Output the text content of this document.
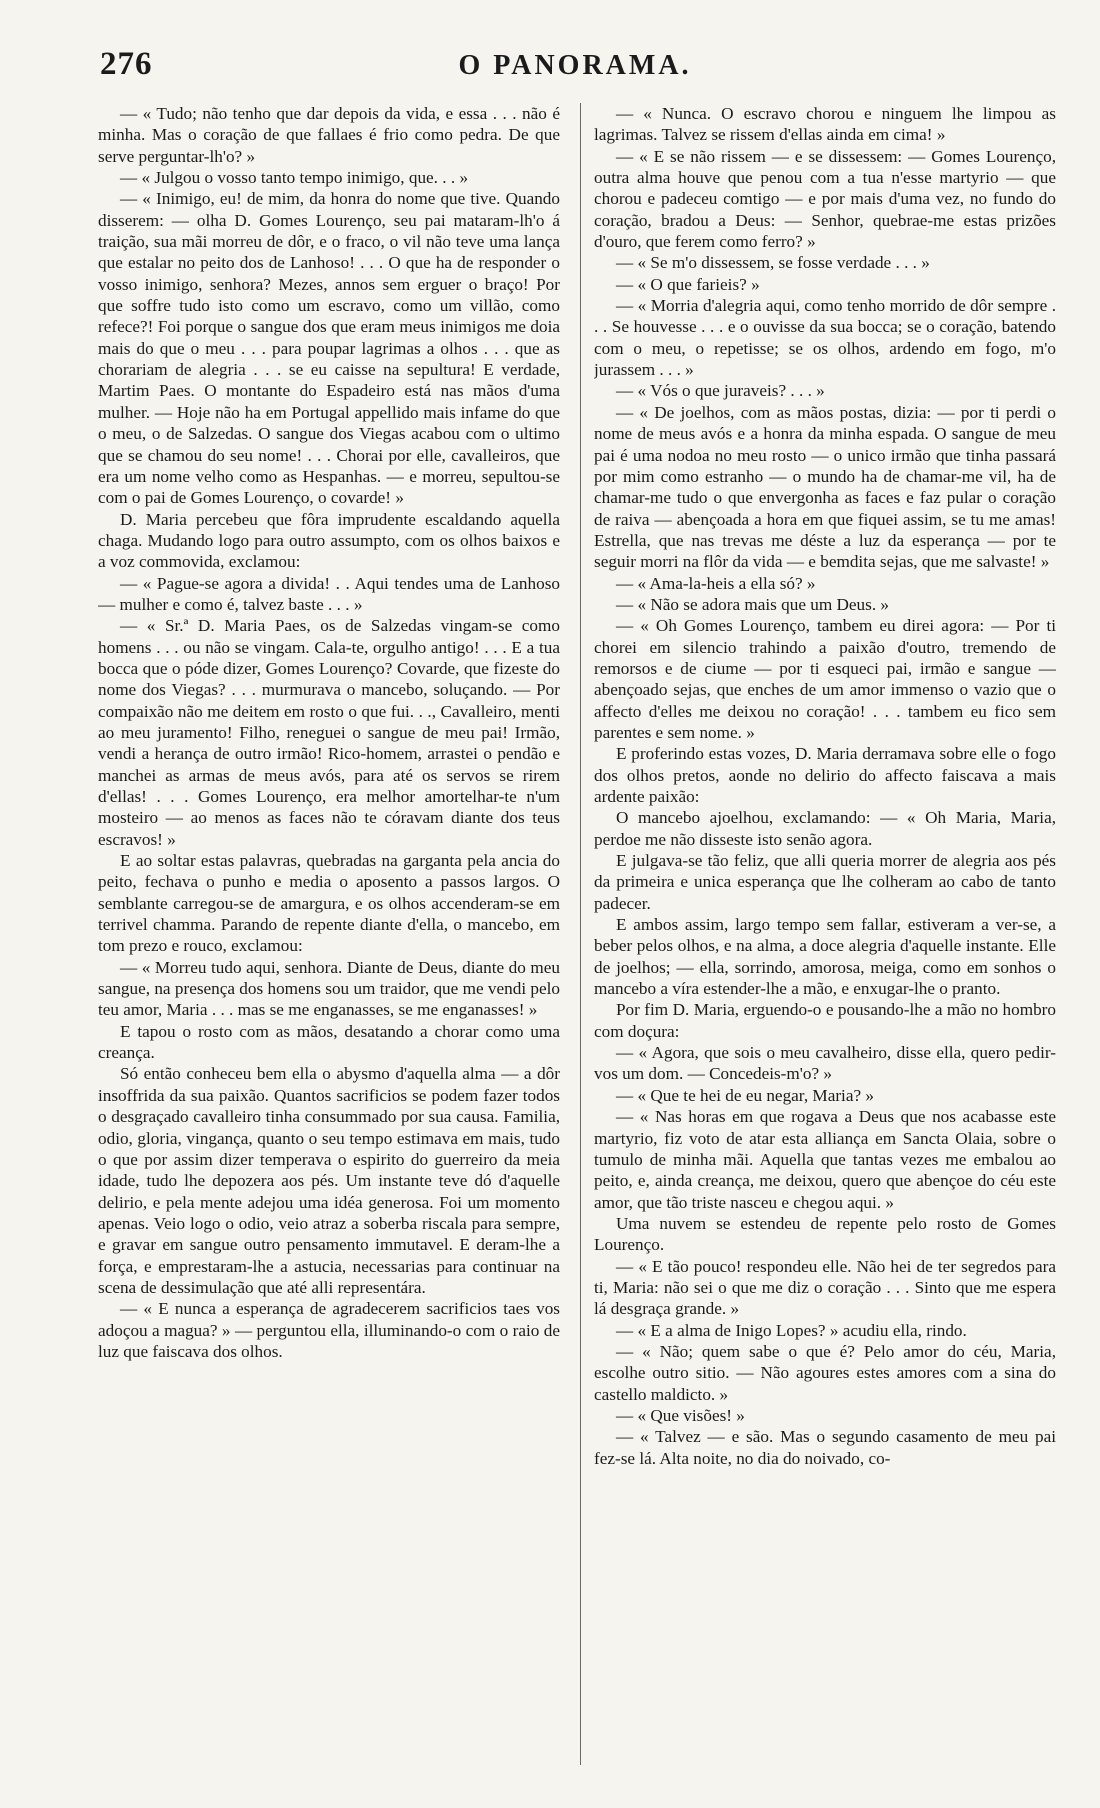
276	O PANORAMA.

— « Tudo; não tenho que dar depois da vida, e essa . . . não é minha. Mas o coração de que fallaes é frio como pedra. De que serve perguntar-lh'o? »

— « Julgou o vosso tanto tempo inimigo, que. . . »

— « Inimigo, eu! de mim, da honra do nome que tive. Quando disserem: — olha D. Gomes Lourenço, seu pai mataram-lh'o á traição, sua mãi morreu de dôr, e o fraco, o vil não teve uma lança que estalar no peito dos de Lanhoso! . . . O que ha de responder o vosso inimigo, senhora? Mezes, annos sem erguer o braço! Por que soffre tudo isto como um escravo, como um villão, como refece?! Foi porque o sangue dos que eram meus inimigos me doia mais do que o meu . . . para poupar lagrimas a olhos . . . que as chorariam de alegria . . . se eu caisse na sepultura! E verdade, Martim Paes. O montante do Espadeiro está nas mãos d'uma mulher. — Hoje não ha em Portugal appellido mais infame do que o meu, o de Salzedas. O sangue dos Viegas acabou com o ultimo que se chamou do seu nome! . . . Chorai por elle, cavalleiros, que era um nome velho como as Hespanhas. — e morreu, sepultou-se com o pai de Gomes Lourenço, o covarde! »

D. Maria percebeu que fôra imprudente escaldando aquella chaga. Mudando logo para outro assumpto, com os olhos baixos e a voz commovida, exclamou:

— « Pague-se agora a divida! . . Aqui tendes uma de Lanhoso — mulher e como é, talvez baste . . . »

— « Sr.ª D. Maria Paes, os de Salzedas vingam-se como homens . . . ou não se vingam. Cala-te, orgulho antigo! . . . E a tua bocca que o póde dizer, Gomes Lourenço? Covarde, que fizeste do nome dos Viegas? . . . murmurava o mancebo, soluçando. — Por compaixão não me deitem em rosto o que fui. . ., Cavalleiro, menti ao meu juramento! Filho, reneguei o sangue de meu pai! Irmão, vendi a herança de outro irmão! Rico-homem, arrastei o pendão e manchei as armas de meus avós, para até os servos se rirem d'ellas! . . . Gomes Lourenço, era melhor amortelhar-te n'um mosteiro — ao menos as faces não te córavam diante dos teus escravos! »

E ao soltar estas palavras, quebradas na garganta pela ancia do peito, fechava o punho e media o aposento a passos largos. O semblante carregou-se de amargura, e os olhos accenderam-se em terrivel chamma. Parando de repente diante d'ella, o mancebo, em tom prezo e rouco, exclamou:

— « Morreu tudo aqui, senhora. Diante de Deus, diante do meu sangue, na presença dos homens sou um traidor, que me vendi pelo teu amor, Maria . . . mas se me enganasses, se me enganasses! »

E tapou o rosto com as mãos, desatando a chorar como uma creança.

Só então conheceu bem ella o abysmo d'aquella alma — a dôr insoffrida da sua paixão. Quantos sacrificios se podem fazer todos o desgraçado cavalleiro tinha consummado por sua causa. Familia, odio, gloria, vingança, quanto o seu tempo estimava em mais, tudo o que por assim dizer temperava o espirito do guerreiro da meia idade, tudo lhe depozera aos pés. Um instante teve dó d'aquelle delirio, e pela mente adejou uma idéa generosa. Foi um momento apenas. Veio logo o odio, veio atraz a soberba riscala para sempre, e gravar em sangue outro pensamento immutavel. E deram-lhe a força, e emprestaram-lhe a astucia, necessarias para continuar na scena de dessimulação que até alli representára.

— « E nunca a esperança de agradecerem sacrificios taes vos adoçou a magua? » — perguntou ella, illuminando-o com o raio de luz que faiscava dos olhos.

— « Nunca. O escravo chorou e ninguem lhe limpou as lagrimas. Talvez se rissem d'ellas ainda em cima! »

— « E se não rissem — e se dissessem: — Gomes Lourenço, outra alma houve que penou com a tua n'esse martyrio — que chorou e padeceu comtigo — e por mais d'uma vez, no fundo do coração, bradou a Deus: — Senhor, quebrae-me estas prizões d'ouro, que ferem como ferro? »

— « Se m'o dissessem, se fosse verdade . . . »

— « O que farieis? »

— « Morria d'alegria aqui, como tenho morrido de dôr sempre . . . Se houvesse . . . e o ouvisse da sua bocca; se o coração, batendo com o meu, o repetisse; se os olhos, ardendo em fogo, m'o jurassem . . . »

— « Vós o que juraveis? . . . »

— « De joelhos, com as mãos postas, dizia: — por ti perdi o nome de meus avós e a honra da minha espada. O sangue de meu pai é uma nodoa no meu rosto — o unico irmão que tinha passará por mim como estranho — o mundo ha de chamar-me vil, ha de chamar-me tudo o que envergonha as faces e faz pular o coração de raiva — abençoada a hora em que fiquei assim, se tu me amas! Estrella, que nas trevas me déste a luz da esperança — por te seguir morri na flôr da vida — e bemdita sejas, que me salvaste! »

— « Ama-la-heis a ella só? »

— « Não se adora mais que um Deus. »

— « Oh Gomes Lourenço, tambem eu direi agora: — Por ti chorei em silencio trahindo a paixão d'outro, tremendo de remorsos e de ciume — por ti esqueci pai, irmão e sangue — abençoado sejas, que enches de um amor immenso o vazio que o affecto d'elles me deixou no coração! . . . tambem eu fico sem parentes e sem nome. »

E proferindo estas vozes, D. Maria derramava sobre elle o fogo dos olhos pretos, aonde no delirio do affecto faiscava a mais ardente paixão:

O mancebo ajoelhou, exclamando: — « Oh Maria, Maria, perdoe me não disseste isto senão agora.

E julgava-se tão feliz, que alli queria morrer de alegria aos pés da primeira e unica esperança que lhe colheram ao cabo de tanto padecer.

E ambos assim, largo tempo sem fallar, estiveram a ver-se, a beber pelos olhos, e na alma, a doce alegria d'aquelle instante. Elle de joelhos; — ella, sorrindo, amorosa, meiga, como em sonhos o mancebo a víra estender-lhe a mão, e enxugar-lhe o pranto.

Por fim D. Maria, erguendo-o e pousando-lhe a mão no hombro com doçura:

— « Agora, que sois o meu cavalheiro, disse ella, quero pedir-vos um dom. — Concedeis-m'o? »

— « Que te hei de eu negar, Maria? »

— « Nas horas em que rogava a Deus que nos acabasse este martyrio, fiz voto de atar esta alliança em Sancta Olaia, sobre o tumulo de minha mãi. Aquella que tantas vezes me embalou ao peito, e, ainda creança, me deixou, quero que abençoe do céu este amor, que tão triste nasceu e chegou aqui. »

Uma nuvem se estendeu de repente pelo rosto de Gomes Lourenço.

— « E tão pouco! respondeu elle. Não hei de ter segredos para ti, Maria: não sei o que me diz o coração . . . Sinto que me espera lá desgraça grande. »

— « E a alma de Inigo Lopes? » acudiu ella, rindo.

— « Não; quem sabe o que é? Pelo amor do céu, Maria, escolhe outro sitio. — Não agoures estes amores com a sina do castello maldicto. »

— « Que visões! »

— « Talvez — e são. Mas o segundo casamento de meu pai fez-se lá. Alta noite, no dia do noivado, co-
